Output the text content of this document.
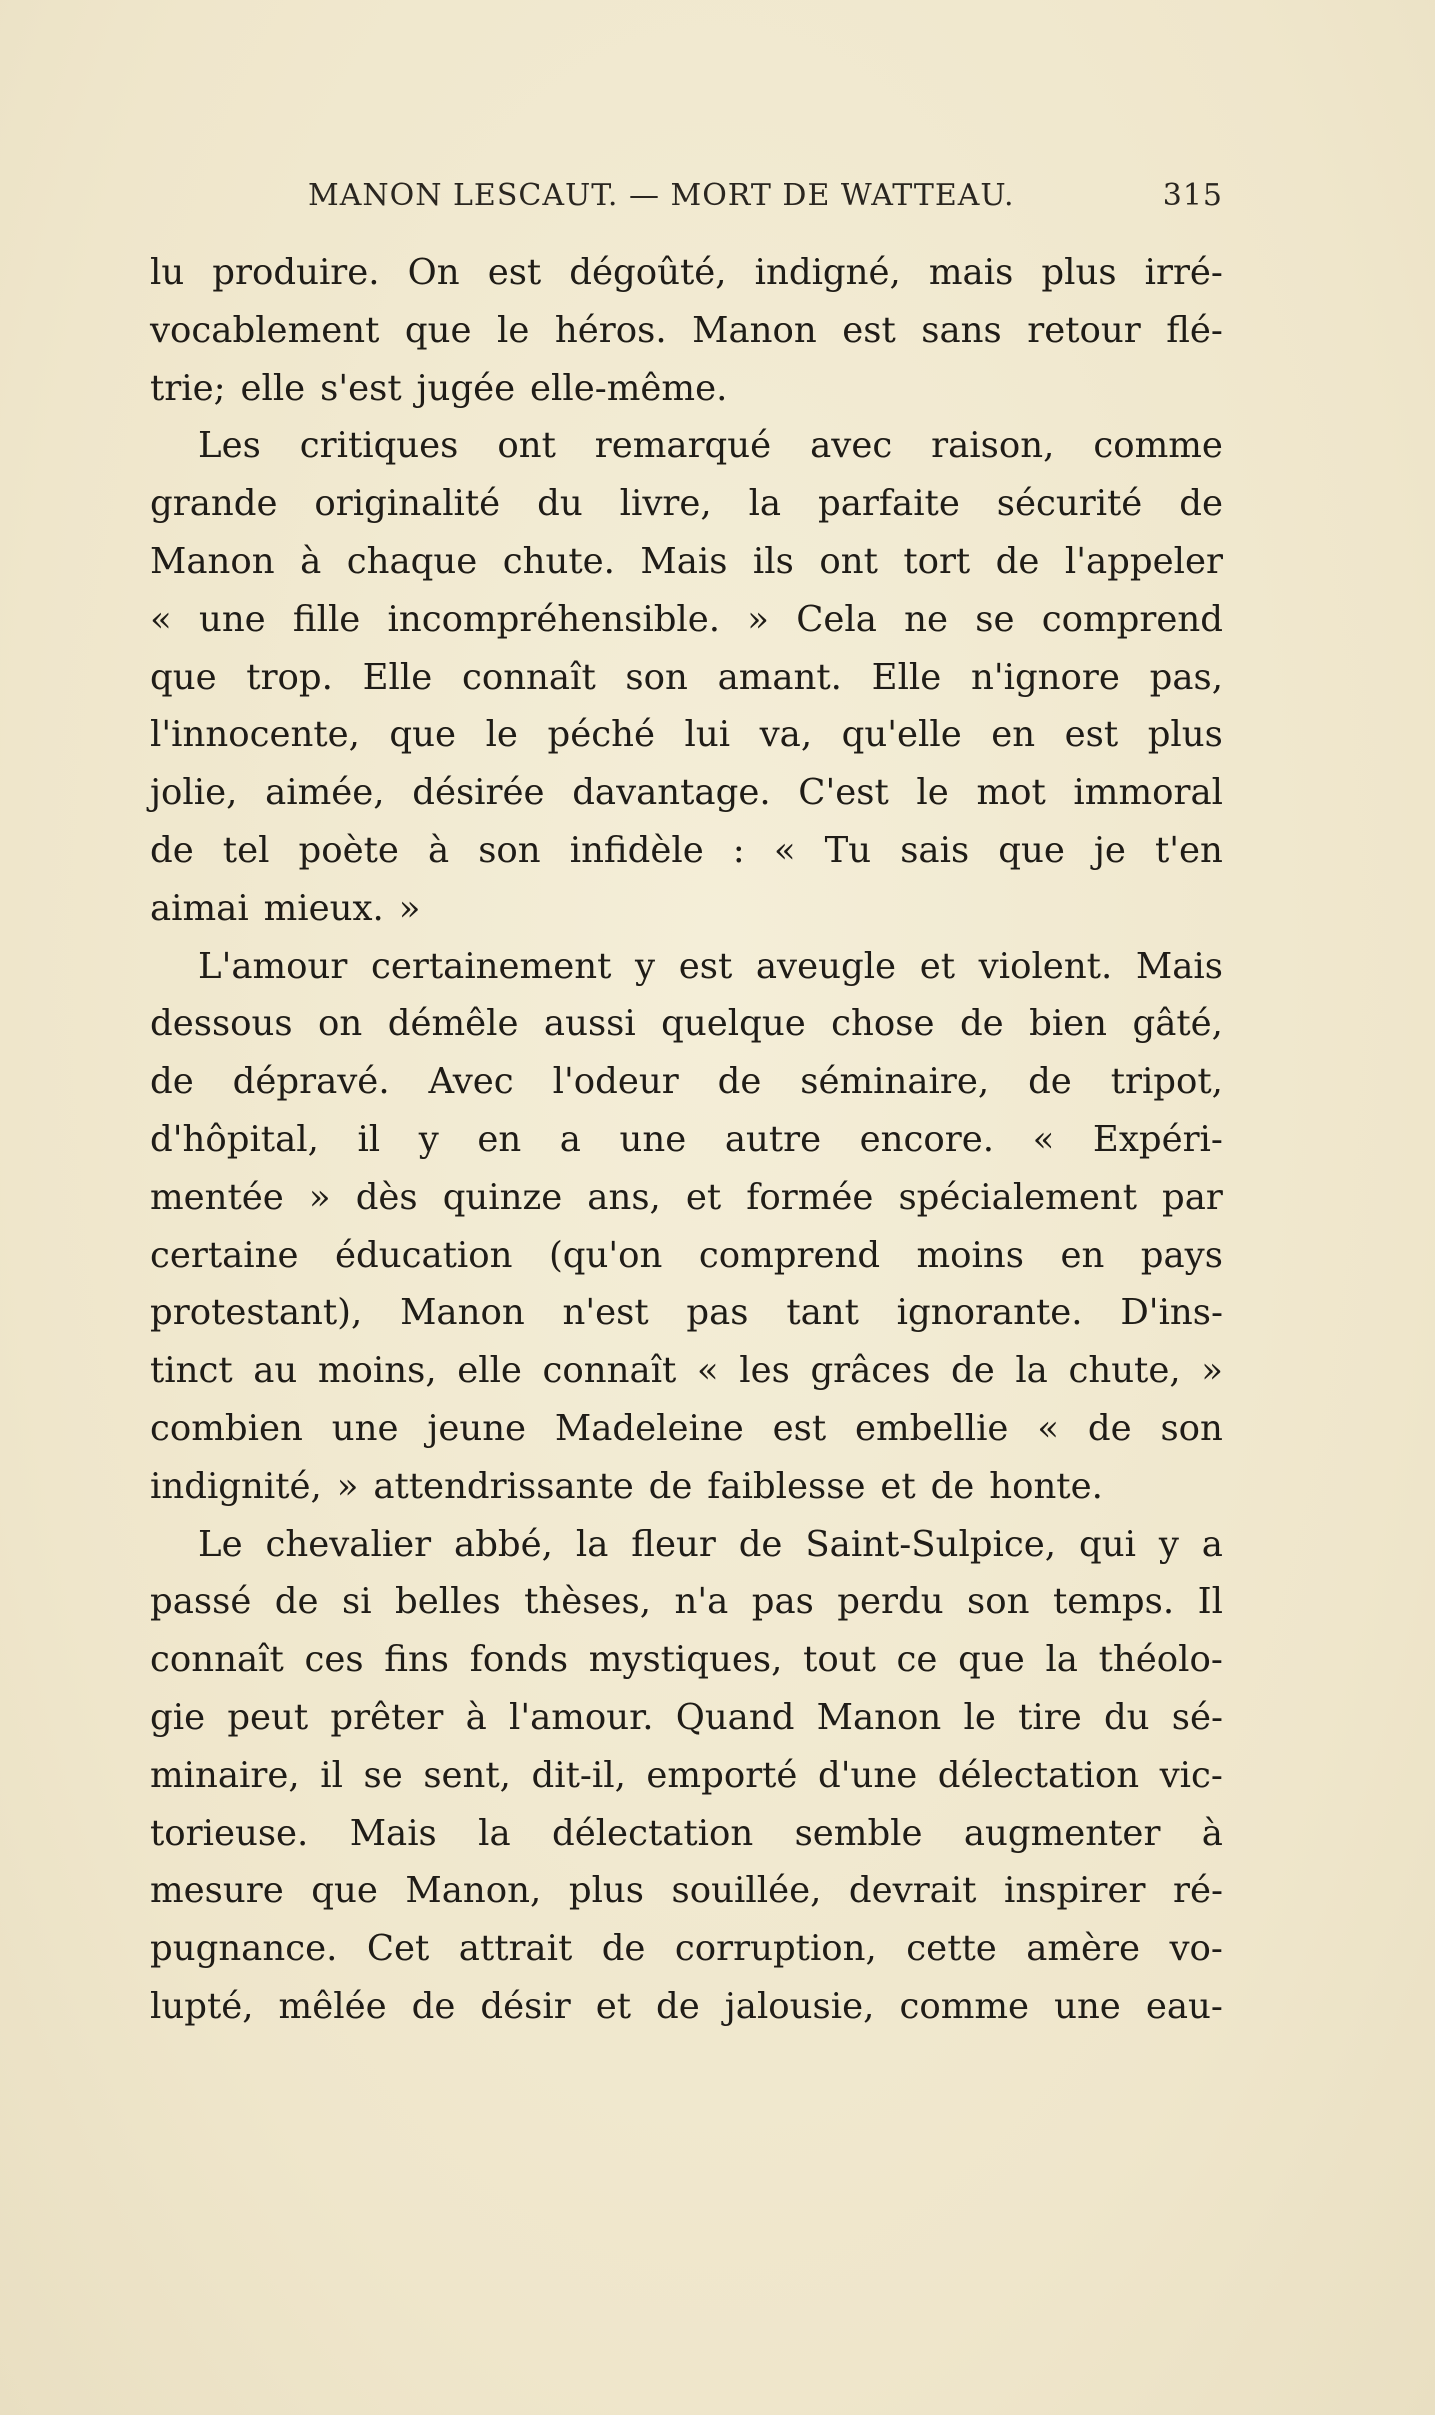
MANON LESCAUT. — MORT DE WATTEAU.	315
lu produire. On est dégoûté, indigné, mais plus irré-
vocablement que le héros. Manon est sans retour flé-
trie; elle s'est jugée elle-même.
Les critiques ont remarqué avec raison, comme
grande originalité du livre, la parfaite sécurité de
Manon à chaque chute. Mais ils ont tort de l'appeler
« une fille incompréhensible. » Cela ne se comprend
que trop. Elle connaît son amant. Elle n'ignore pas,
l'innocente, que le péché lui va, qu'elle en est plus
jolie, aimée, désirée davantage. C'est le mot immoral
de tel poète à son infidèle : « Tu sais que je t'en
aimai mieux. »
L'amour certainement y est aveugle et violent. Mais
dessous on démêle aussi quelque chose de bien gâté,
de dépravé. Avec l'odeur de séminaire, de tripot,
d'hôpital, il y en a une autre encore. « Expéri-
mentée » dès quinze ans, et formée spécialement par
certaine éducation (qu'on comprend moins en pays
protestant), Manon n'est pas tant ignorante. D'ins-
tinct au moins, elle connaît « les grâces de la chute, »
combien une jeune Madeleine est embellie « de son
indignité, » attendrissante de faiblesse et de honte.
Le chevalier abbé, la fleur de Saint-Sulpice, qui y a
passé de si belles thèses, n'a pas perdu son temps. Il
connaît ces fins fonds mystiques, tout ce que la théolo-
gie peut prêter à l'amour. Quand Manon le tire du sé-
minaire, il se sent, dit-il, emporté d'une délectation vic-
torieuse. Mais la délectation semble augmenter à
mesure que Manon, plus souillée, devrait inspirer ré-
pugnance. Cet attrait de corruption, cette amère vo-
lupté, mêlée de désir et de jalousie, comme une eau-
